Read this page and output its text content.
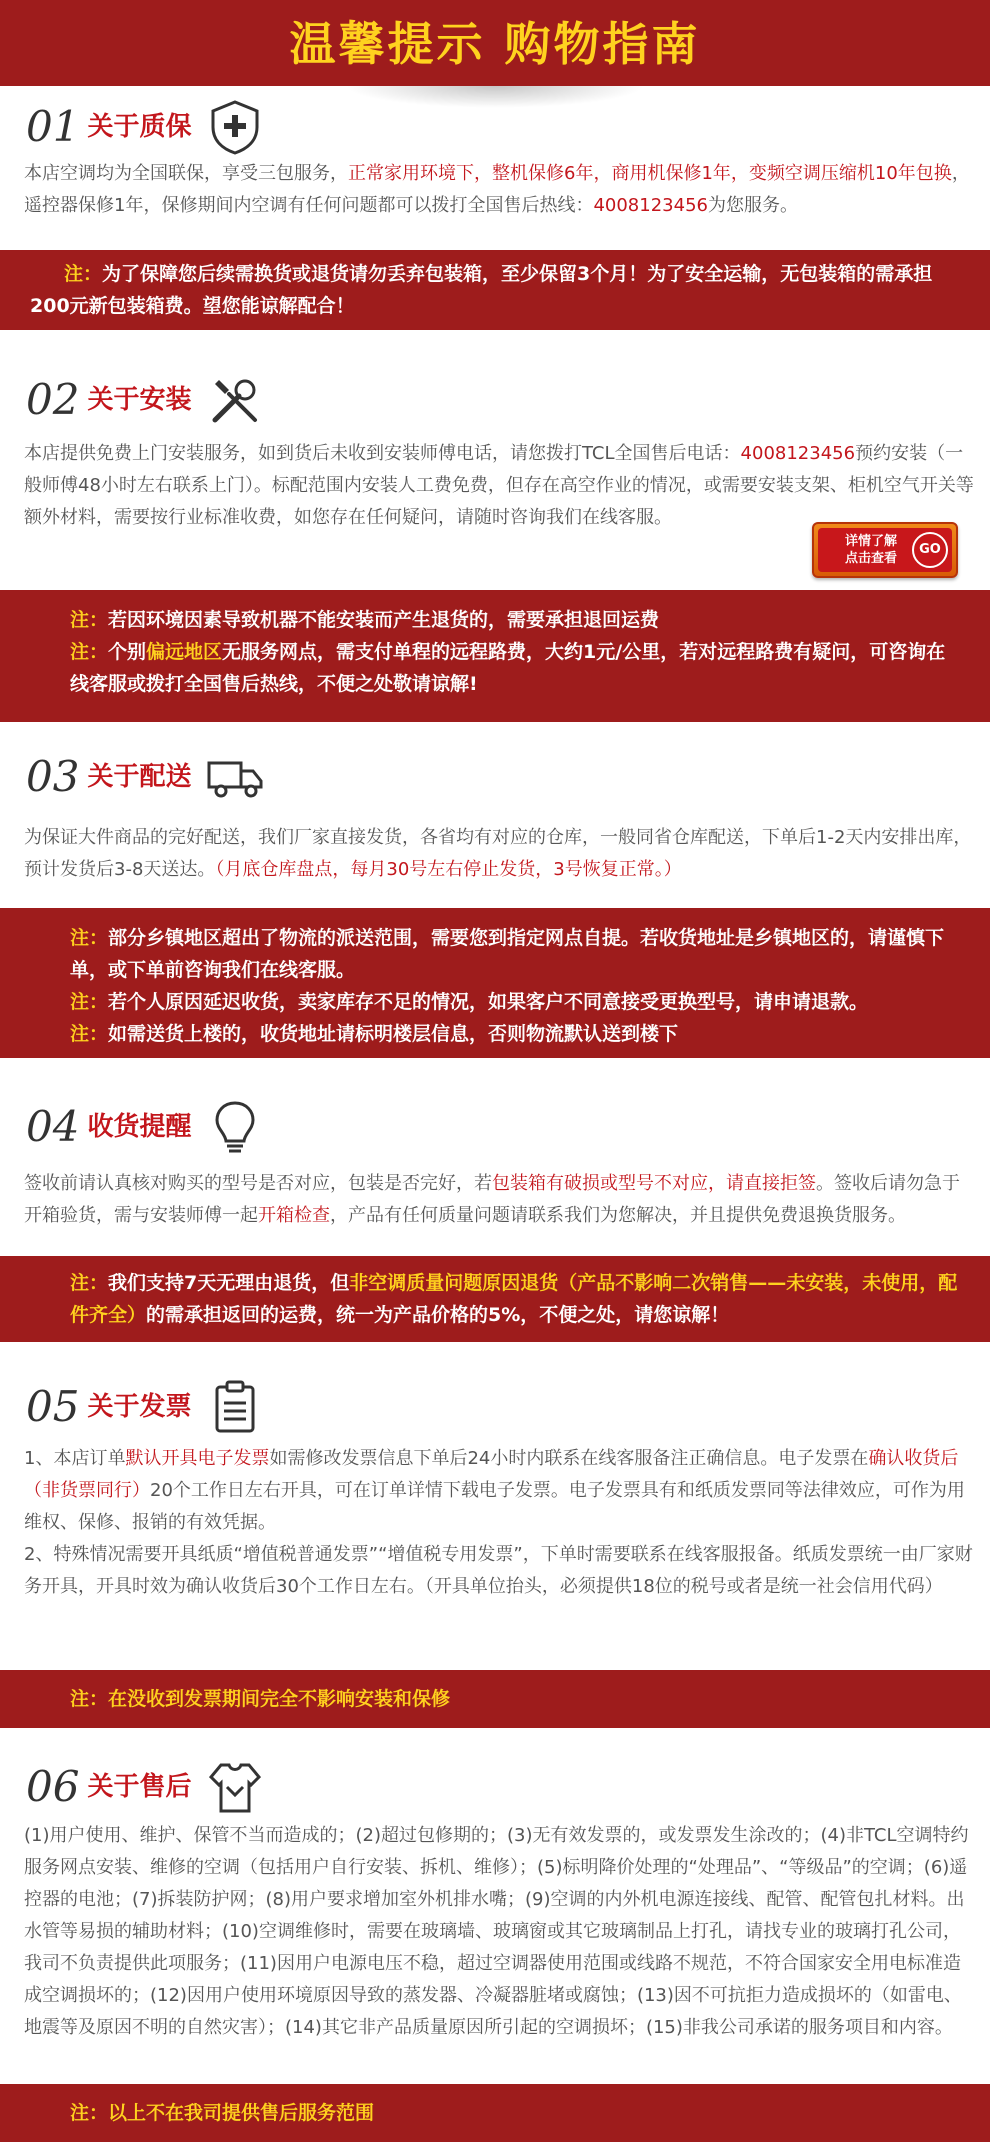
温馨提示 购物指南
01 关于质保
本店空调均为全国联保，享受三包服务，正常家用环境下，整机保修6年，商用机保修1年，变频空调压缩机10年包换，遥控器保修1年，保修期间内空调有任何问题都可以拨打全国售后热线：4008123456为您服务。
注：为了保障您后续需换货或退货请勿丢弃包装箱，至少保留3个月！为了安全运输，无包装箱的需承担200元新包装箱费。望您能谅解配合！
02 关于安装
本店提供免费上门安装服务，如到货后未收到安装师傅电话，请您拨打TCL全国售后电话：4008123456预约安装（一般师傅48小时左右联系上门）。标配范围内安装人工费免费，但存在高空作业的情况，或需要安装支架、柜机空气开关等额外材料，需要按行业标准收费，如您存在任何疑问，请随时咨询我们在线客服。
详情了解
点击查看
GO
注：若因环境因素导致机器不能安装而产生退货的，需要承担退回运费
注：个别偏远地区无服务网点，需支付单程的远程路费，大约1元/公里，若对远程路费有疑问，可咨询在线客服或拨打全国售后热线，不便之处敬请谅解!
03 关于配送
为保证大件商品的完好配送，我们厂家直接发货，各省均有对应的仓库，一般同省仓库配送，下单后1-2天内安排出库，预计发货后3-8天送达。（月底仓库盘点，每月30号左右停止发货，3号恢复正常。）
注：部分乡镇地区超出了物流的派送范围，需要您到指定网点自提。若收货地址是乡镇地区的，请谨慎下单，或下单前咨询我们在线客服。
注：若个人原因延迟收货，卖家库存不足的情况，如果客户不同意接受更换型号，请申请退款。
注：如需送货上楼的，收货地址请标明楼层信息，否则物流默认送到楼下
04 收货提醒
签收前请认真核对购买的型号是否对应，包装是否完好，若包装箱有破损或型号不对应，请直接拒签。签收后请勿急于开箱验货，需与安装师傅一起开箱检查，产品有任何质量问题请联系我们为您解决，并且提供免费退换货服务。
注：我们支持7天无理由退货，但非空调质量问题原因退货（产品不影响二次销售——未安装，未使用，配件齐全）的需承担返回的运费，统一为产品价格的5%，不便之处，请您谅解！
05 关于发票
1、本店订单默认开具电子发票如需修改发票信息下单后24小时内联系在线客服备注正确信息。电子发票在确认收货后（非货票同行）20个工作日左右开具，可在订单详情下载电子发票。电子发票具有和纸质发票同等法律效应，可作为用维权、保修、报销的有效凭据。
2、特殊情况需要开具纸质“增值税普通发票”“增值税专用发票”，下单时需要联系在线客服报备。纸质发票统一由厂家财务开具，开具时效为确认收货后30个工作日左右。（开具单位抬头，必须提供18位的税号或者是统一社会信用代码）
注：在没收到发票期间完全不影响安装和保修
06 关于售后
(1)用户使用、维护、保管不当而造成的；(2)超过包修期的；(3)无有效发票的，或发票发生涂改的；(4)非TCL空调特约服务网点安装、维修的空调（包括用户自行安装、拆机、维修）；(5)标明降价处理的“处理品”、“等级品”的空调；(6)遥控器的电池；(7)拆装防护网；(8)用户要求增加室外机排水嘴；(9)空调的内外机电源连接线、配管、配管包扎材料。出水管等易损的辅助材料；(10)空调维修时，需要在玻璃墙、玻璃窗或其它玻璃制品上打孔，请找专业的玻璃打孔公司，我司不负责提供此项服务；(11)因用户电源电压不稳，超过空调器使用范围或线路不规范，不符合国家安全用电标准造成空调损坏的；(12)因用户使用环境原因导致的蒸发器、冷凝器脏堵或腐蚀；(13)因不可抗拒力造成损坏的（如雷电、地震等及原因不明的自然灾害）；(14)其它非产品质量原因所引起的空调损坏；(15)非我公司承诺的服务项目和内容。
注：以上不在我司提供售后服务范围
